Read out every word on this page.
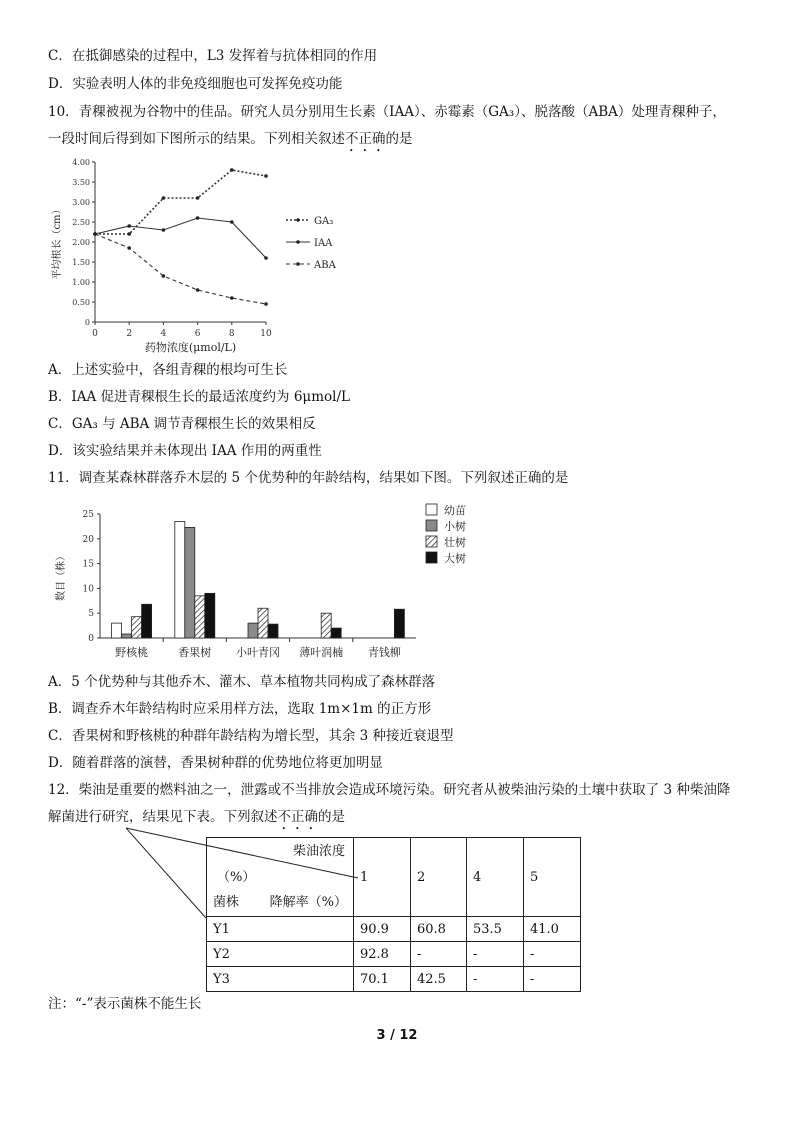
C．在抵御感染的过程中，L3 发挥着与抗体相同的作用
D．实验表明人体的非免疫细胞也可发挥免疫功能
10．青稞被视为谷物中的佳品。研究人员分别用生长素（IAA）、赤霉素（GA₃）、脱落酸（ABA）处理青稞种子，
一段时间后得到如下图所示的结果。下列相关叙述不正确的是
0
0.50
1.00
1.50
2.00
2.50
3.00
3.50
4.00
0	2	4	6	8	10
药物浓度(μmol/L)
平均根长（cm）	GA₃
IAA
ABA
A．上述实验中，各组青稞的根均可生长
B．IAA 促进青稞根生长的最适浓度约为 6μmol/L
C．GA₃ 与 ABA 调节青稞根生长的效果相反
D．该实验结果并未体现出 IAA 作用的两重性
11．调查某森林群落乔木层的 5 个优势种的年龄结构，结果如下图。下列叙述正确的是
0
5
10
15
20
25
数目（株）
野核桃	香果树 小叶青冈 薄叶润楠 青钱柳
幼苗
小树
壮树
大树
A．5 个优势种与其他乔木、灌木、草本植物共同构成了森林群落
B．调查乔木年龄结构时应采用样方法，选取 1m×1m 的正方形
C．香果树和野核桃的种群年龄结构为增长型，其余 3 种接近衰退型
D．随着群落的演替，香果树种群的优势地位将更加明显
12．柴油是重要的燃料油之一，泄露或不当排放会造成环境污染。研究者从被柴油污染的土壤中获取了 3 种柴油降
解菌进行研究，结果见下表。下列叙述不正确的是
柴油浓度
（%）
菌株 降解率（%）	1	2	4	5
Y1	90.9	60.8	53.5	41.0
Y2	92.8	-	-	-
Y3	70.1	42.5	-	-
注：“-”表示菌株不能生长
3 / 12
